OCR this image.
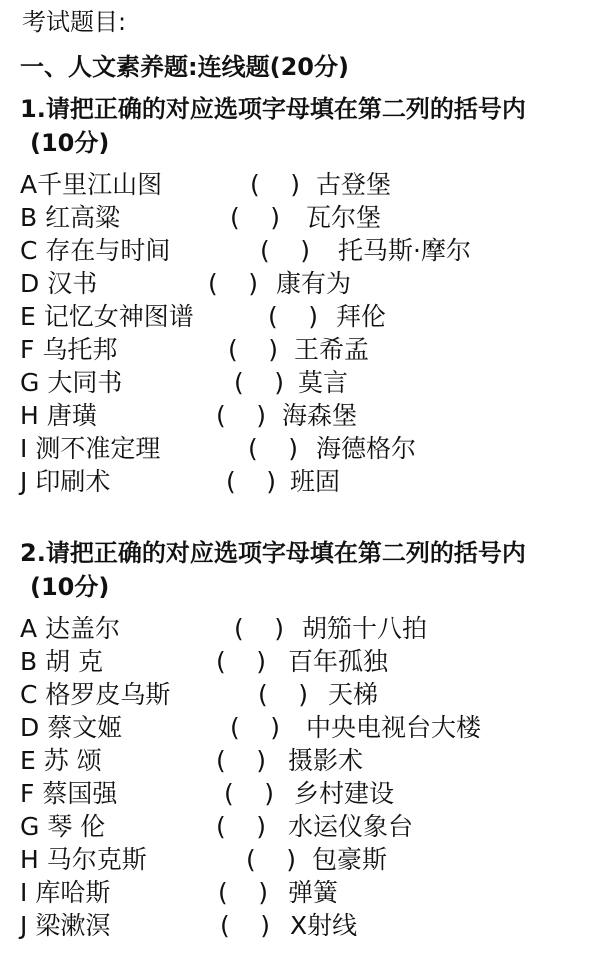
考试题目:
一、人文素养题:连线题(20分)
1.请把正确的对应选项字母填在第二列的括号内
(10分)
A千里江山图	( ) 古登堡
B 红高粱	( ) 瓦尔堡
C 存在与时间	( ) 托马斯·摩尔
D 汉书	( ) 康有为
E 记忆女神图谱	( ) 拜伦
F 乌托邦	( ) 王希孟
G 大同书	( ) 莫言
H 唐璜	( ) 海森堡
I 测不准定理	( ) 海德格尔
J 印刷术	( ) 班固
2.请把正确的对应选项字母填在第二列的括号内
(10分)
A 达盖尔	( ) 胡笳十八拍
B 胡 克	( ) 百年孤独
C 格罗皮乌斯	( ) 天梯
D 蔡文姬	( ) 中央电视台大楼
E 苏 颂	( ) 摄影术
F 蔡国强	( ) 乡村建设
G 琴 伦	( ) 水运仪象台
H 马尔克斯	( ) 包豪斯
I 库哈斯	( ) 弹簧
J 梁漱溟	( ) X射线
